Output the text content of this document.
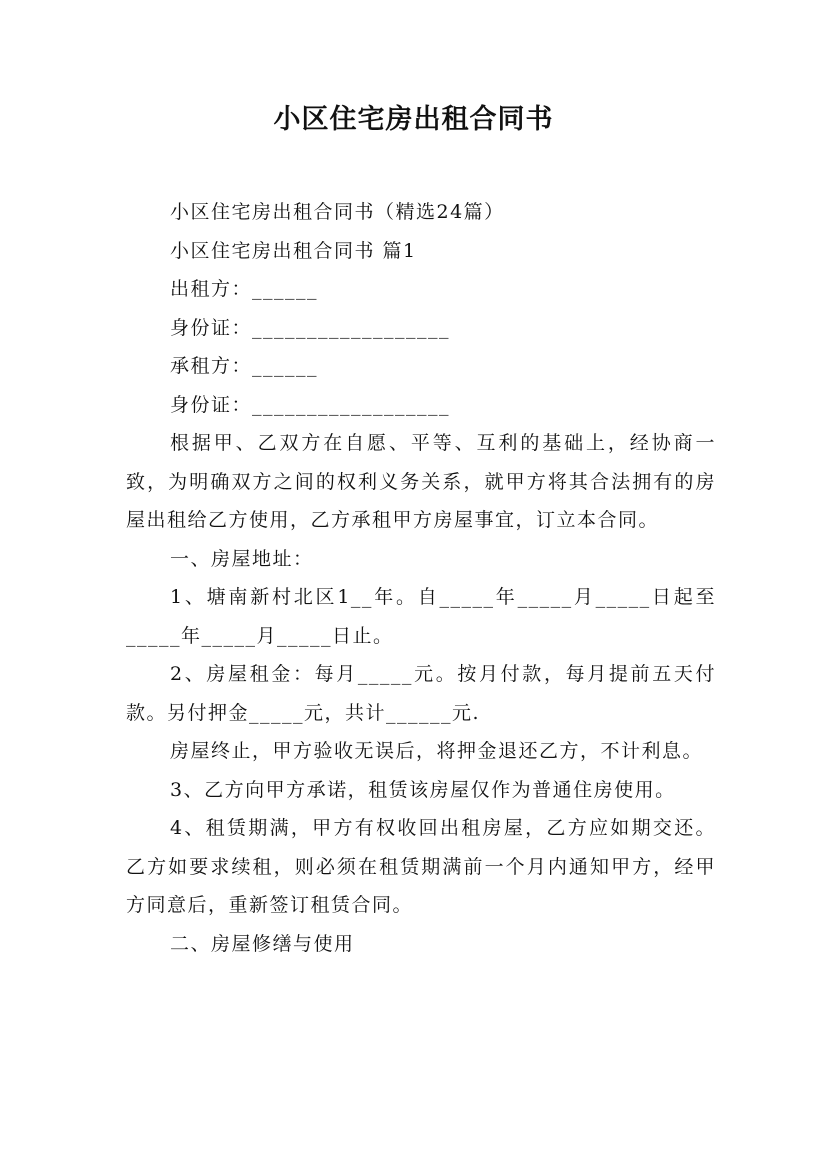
小区住宅房出租合同书

小区住宅房出租合同书（精选24篇）

小区住宅房出租合同书 篇1

出租方：______

身份证：__________________

承租方：______

身份证：__________________

根据甲、乙双方在自愿、平等、互利的基础上，经协商一致，为明确双方之间的权利义务关系，就甲方将其合法拥有的房屋出租给乙方使用，乙方承租甲方房屋事宜，订立本合同。

一、房屋地址：

1、塘南新村北区1__年。自_____年_____月_____日起至_____年_____月_____日止。

2、房屋租金：每月_____元。按月付款，每月提前五天付款。另付押金_____元，共计______元.

房屋终止，甲方验收无误后，将押金退还乙方，不计利息。

3、乙方向甲方承诺，租赁该房屋仅作为普通住房使用。

4、租赁期满，甲方有权收回出租房屋，乙方应如期交还。乙方如要求续租，则必须在租赁期满前一个月内通知甲方，经甲方同意后，重新签订租赁合同。

二、房屋修缮与使用
